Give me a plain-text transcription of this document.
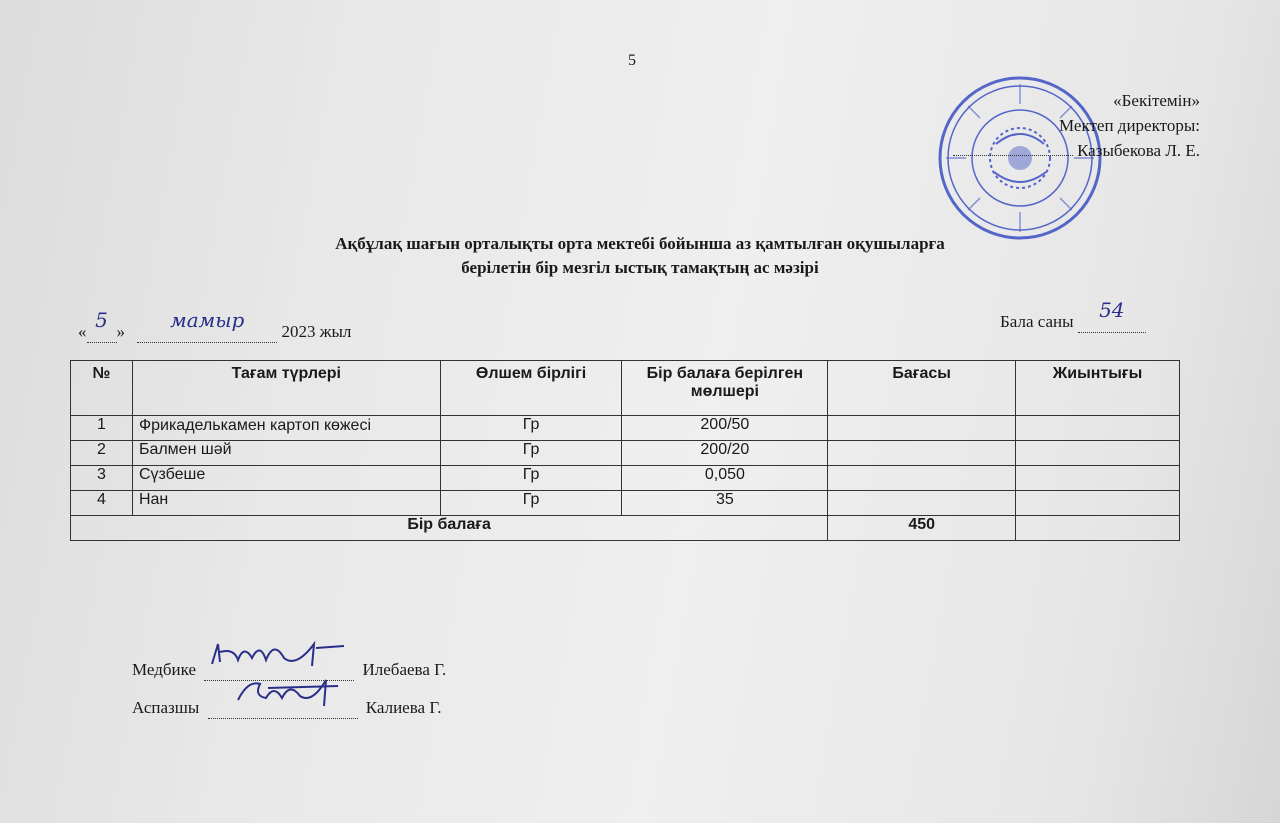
5
«Бекітемін»
Мектеп директоры:
Казыбекова Л. Е.
Ақбұлақ шағын орталықты орта мектебі бойынша аз қамтылған оқушыларға
берілетін бір мезгіл ыстық тамақтың ас мәзірі
« 5 »	мамыр	2023 жыл
Бала саны	54

№	Тағам түрлері	Өлшем бірлігі	Бір балаға берілген мөлшері	Бағасы	Жиынтығы
1	Фрикаделькамен картоп көжесі	Гр	200/50		
2	Балмен шәй	Гр	200/20		
3	Сүзбеше	Гр	0,050		
4	Нан	Гр	35		
Бір балаға				450	
Медбике	Илебаева Г.
Аспазшы	Калиева Г.
